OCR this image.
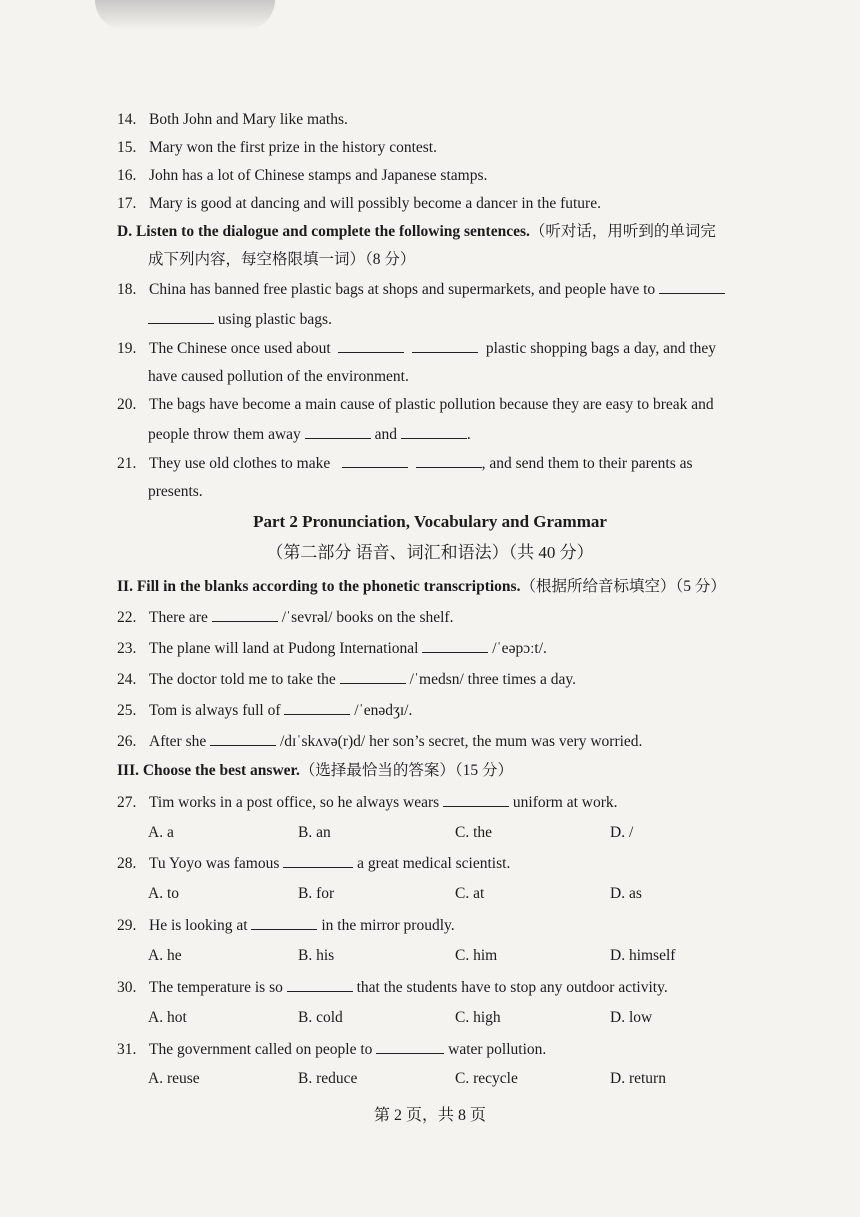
14. Both John and Mary like maths.
15. Mary won the first prize in the history contest.
16. John has a lot of Chinese stamps and Japanese stamps.
17. Mary is good at dancing and will possibly become a dancer in the future.
D. Listen to the dialogue and complete the following sentences.（听对话，用听到的单词完
成下列内容，每空格限填一词）（8 分）
18. China has banned free plastic bags at shops and supermarkets, and people have to
using plastic bags.
19. The Chinese once used about	plastic shopping bags a day, and they
have caused pollution of the environment.
20. The bags have become a main cause of plastic pollution because they are easy to break and
people throw them away	and	.
21. They use old clothes to make	, and send them to their parents as
presents.
Part 2 Pronunciation, Vocabulary and Grammar
（第二部分 语音、词汇和语法）（共 40 分）
II. Fill in the blanks according to the phonetic transcriptions.（根据所给音标填空）（5 分）
22. There are	/ˈsevrəl/ books on the shelf.
23. The plane will land at Pudong International	/ˈeəpɔːt/.
24. The doctor told me to take the	/ˈmedsn/ three times a day.
25. Tom is always full of	/ˈenədʒɪ/.
26. After she	/dɪˈskʌvə(r)d/ her son’s secret, the mum was very worried.
III. Choose the best answer.（选择最恰当的答案）（15 分）
27. Tim works in a post office, so he always wears	uniform at work.
A. a	B. an	C. the	D. /
28. Tu Yoyo was famous	a great medical scientist.
A. to	B. for	C. at	D. as
29. He is looking at	in the mirror proudly.
A. he	B. his	C. him	D. himself
30. The temperature is so	that the students have to stop any outdoor activity.
A. hot	B. cold	C. high	D. low
31. The government called on people to	water pollution.
A. reuse	B. reduce	C. recycle	D. return
第 2 页，共 8 页
